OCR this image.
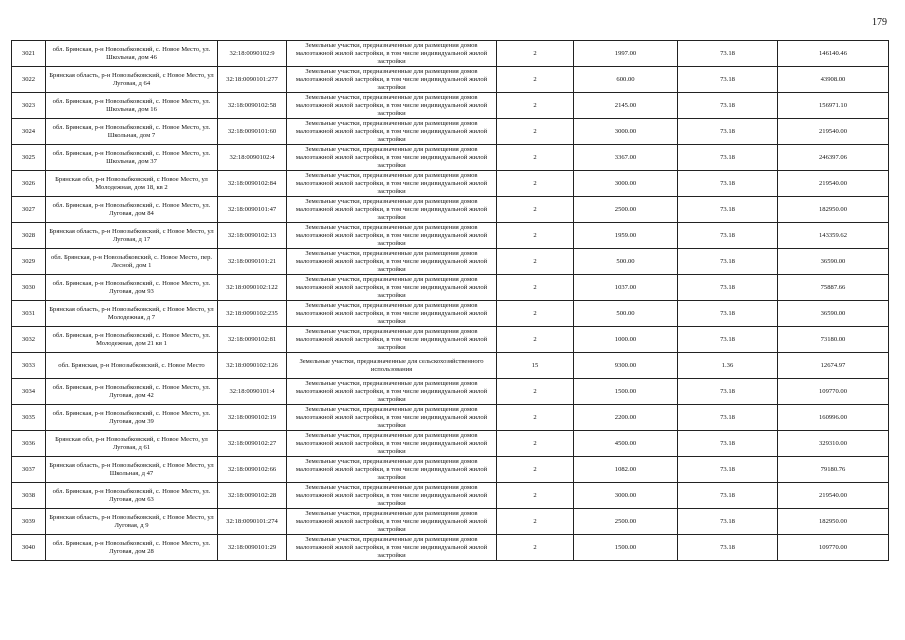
179
3021	обл. Брянская, р-н Новозыбковский, с. Новое Место, ул. Школьная, дом 46	32:18:0090102:9	Земельные участки, предназначенные для размещения домов малоэтажной жилой застройки, в том числе индивидуальной жилой застройки	2	1997.00	73.18	146140.46
3022	Брянская область, р-н Новозыбковский, с Новое Место, ул Луговая, д 64	32:18:0090101:277	Земельные участки, предназначенные для размещения домов малоэтажной жилой застройки, в том числе индивидуальной жилой застройки	2	600.00	73.18	43908.00
3023	обл. Брянская, р-н Новозыбковский, с. Новое Место, ул. Школьная, дом 16	32:18:0090102:58	Земельные участки, предназначенные для размещения домов малоэтажной жилой застройки, в том числе индивидуальной жилой застройки	2	2145.00	73.18	156971.10
3024	обл. Брянская, р-н Новозыбковский, с. Новое Место, ул. Школьная, дом 7	32:18:0090101:60	Земельные участки, предназначенные для размещения домов малоэтажной жилой застройки, в том числе индивидуальной жилой застройки	2	3000.00	73.18	219540.00
3025	обл. Брянская, р-н Новозыбковский, с. Новое Место, ул. Школьная, дом 37	32:18:0090102:4	Земельные участки, предназначенные для размещения домов малоэтажной жилой застройки, в том числе индивидуальной жилой застройки	2	3367.00	73.18	246397.06
3026	Брянская обл, р-н Новозыбковский, с Новое Место, ул Молодежная, дом 18, кв 2	32:18:0090102:84	Земельные участки, предназначенные для размещения домов малоэтажной жилой застройки, в том числе индивидуальной жилой застройки	2	3000.00	73.18	219540.00
3027	обл. Брянская, р-н Новозыбковский, с. Новое Место, ул. Луговая, дом 84	32:18:0090101:47	Земельные участки, предназначенные для размещения домов малоэтажной жилой застройки, в том числе индивидуальной жилой застройки	2	2500.00	73.18	182950.00
3028	Брянская область, р-н Новозыбковский, с Новое Место, ул Луговая, д 17	32:18:0090102:13	Земельные участки, предназначенные для размещения домов малоэтажной жилой застройки, в том числе индивидуальной жилой застройки	2	1959.00	73.18	143359.62
3029	обл. Брянская, р-н Новозыбковский, с. Новое Место, пер. Лесной, дом 1	32:18:0090101:21	Земельные участки, предназначенные для размещения домов малоэтажной жилой застройки, в том числе индивидуальной жилой застройки	2	500.00	73.18	36590.00
3030	обл. Брянская, р-н Новозыбковский, с. Новое Место, ул. Луговая, дом 93	32:18:0090102:122	Земельные участки, предназначенные для размещения домов малоэтажной жилой застройки, в том числе индивидуальной жилой застройки	2	1037.00	73.18	75887.66
3031	Брянская область, р-н Новозыбковский, с Новое Место, ул Молодежная, д 7	32:18:0090102:235	Земельные участки, предназначенные для размещения домов малоэтажной жилой застройки, в том числе индивидуальной жилой застройки	2	500.00	73.18	36590.00
3032	обл. Брянская, р-н Новозыбковский, с. Новое Место, ул. Молодежная, дом 21 кв 1	32:18:0090102:81	Земельные участки, предназначенные для размещения домов малоэтажной жилой застройки, в том числе индивидуальной жилой застройки	2	1000.00	73.18	73180.00
3033	обл. Брянская, р-н Новозыбковский, с. Новое Место	32:18:0090102:126	Земельные участки, предназначенные для сельскохозяйственного использования	15	9300.00	1.36	12674.97
3034	обл. Брянская, р-н Новозыбковский, с. Новое Место, ул. Луговая, дом 42	32:18:0090101:4	Земельные участки, предназначенные для размещения домов малоэтажной жилой застройки, в том числе индивидуальной жилой застройки	2	1500.00	73.18	109770.00
3035	обл. Брянская, р-н Новозыбковский, с. Новое Место, ул. Луговая, дом 39	32:18:0090102:19	Земельные участки, предназначенные для размещения домов малоэтажной жилой застройки, в том числе индивидуальной жилой застройки	2	2200.00	73.18	160996.00
3036	Брянская обл, р-н Новозыбковский, с Новое Место, ул Луговая, д 61	32:18:0090102:27	Земельные участки, предназначенные для размещения домов малоэтажной жилой застройки, в том числе индивидуальной жилой застройки	2	4500.00	73.18	329310.00
3037	Брянская область, р-н Новозыбковский, с Новое Место, ул Школьная, д 47	32:18:0090102:66	Земельные участки, предназначенные для размещения домов малоэтажной жилой застройки, в том числе индивидуальной жилой застройки	2	1082.00	73.18	79180.76
3038	обл. Брянская, р-н Новозыбковский, с. Новое Место, ул. Луговая, дом 63	32:18:0090102:28	Земельные участки, предназначенные для размещения домов малоэтажной жилой застройки, в том числе индивидуальной жилой застройки	2	3000.00	73.18	219540.00
3039	Брянская область, р-н Новозыбковский, с Новое Место, ул Луговая, д 9	32:18:0090101:274	Земельные участки, предназначенные для размещения домов малоэтажной жилой застройки, в том числе индивидуальной жилой застройки	2	2500.00	73.18	182950.00
3040	обл. Брянская, р-н Новозыбковский, с. Новое Место, ул. Луговая, дом 28	32:18:0090101:29	Земельные участки, предназначенные для размещения домов малоэтажной жилой застройки, в том числе индивидуальной жилой застройки	2	1500.00	73.18	109770.00
